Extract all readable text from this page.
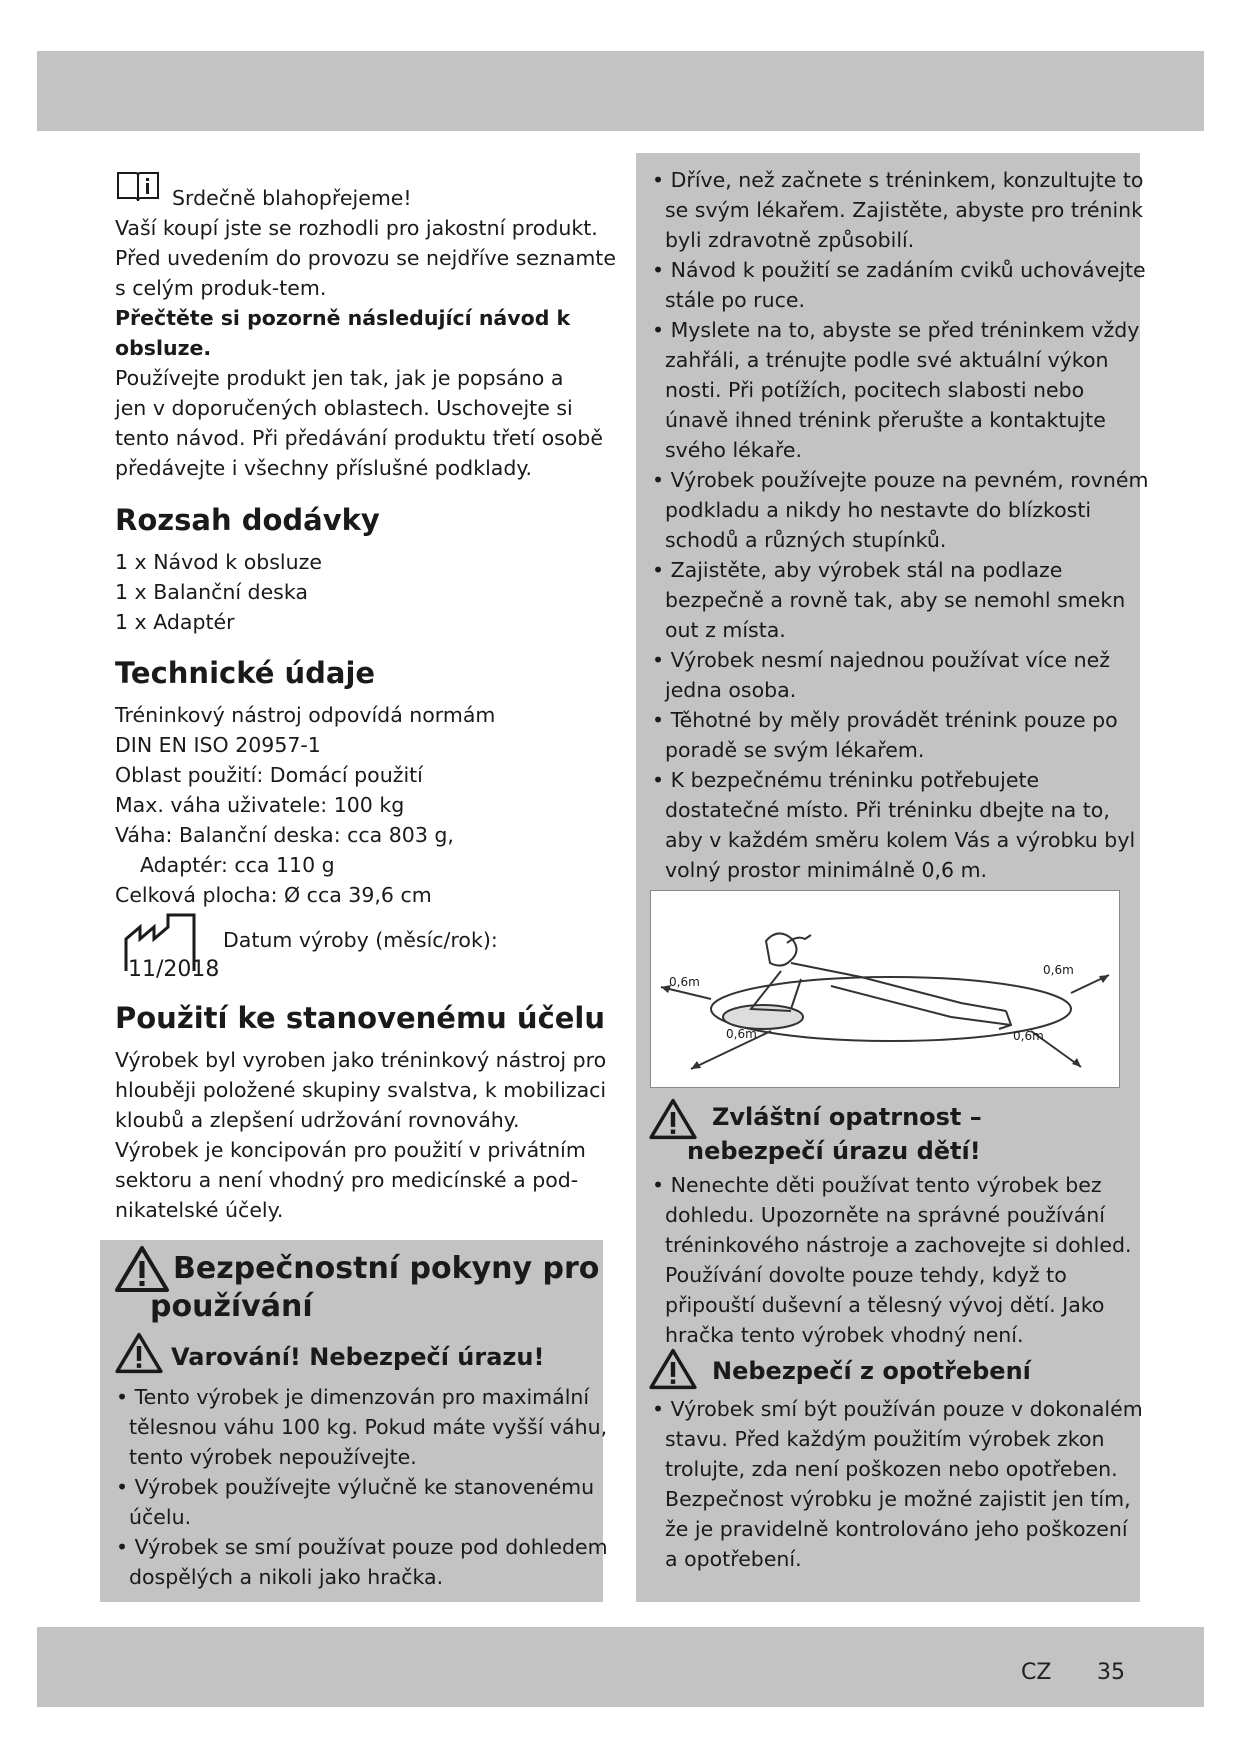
Srdečně blahopřejeme!

Vaší koupí jste se rozhodli pro jakostní produkt.
Před uvedením do provozu se nejdříve seznamte
s celým produk-tem.
Přečtěte si pozorně následující návod k
obsluze.
Používejte produkt jen tak, jak je popsáno a
jen v doporučených oblastech. Uschovejte si
tento návod. Při předávání produktu třetí osobě
předávejte i všechny příslušné podklady.
Rozsah dodávky
1 x Návod k obsluze
1 x Balanční deska
1 x Adaptér
Technické údaje
Tréninkový nástroj odpovídá normám
DIN EN ISO 20957-1
Oblast použití: Domácí použití
Max. váha uživatele: 100 kg
Váha: Balanční deska: cca 803 g,
Adaptér: cca 110 g
Celková plocha: Ø cca 39,6 cm

Datum výroby (měsíc/rok):

11/2018

Použití ke stanovenému účelu
Výrobek byl vyroben jako tréninkový nástroj pro
hlouběji položené skupiny svalstva, k mobilizaci
kloubů a zlepšení udržování rovnováhy.
Výrobek je koncipován pro použití v privátním
sektoru a není vhodný pro medicínské a pod-
nikatelské účely.
Bezpečnostní pokyny pro
používání

Varování! Nebezpečí úrazu!

• Tento výrobek je dimenzován pro maximální
tělesnou váhu 100 kg. Pokud máte vyšší váhu,
tento výrobek nepoužívejte.
• Výrobek používejte výlučně ke stanovenému
účelu.
• Výrobek se smí používat pouze pod dohledem
dospělých a nikoli jako hračka.
• Dříve, než začnete s tréninkem, konzultujte to
se svým lékařem. Zajistěte, abyste pro trénink
byli zdravotně způsobilí.
• Návod k použití se zadáním cviků uchovávejte
stále po ruce.
• Myslete na to, abyste se před tréninkem vždy
zahřáli, a trénujte podle své aktuální výkon
nosti. Při potížích, pocitech slabosti nebo
únavě ihned trénink přerušte a kontaktujte
svého lékaře.
• Výrobek používejte pouze na pevném, rovném
podkladu a nikdy ho nestavte do blízkosti
schodů a různých stupínků.
• Zajistěte, aby výrobek stál na podlaze
bezpečně a rovně tak, aby se nemohl smekn
out z místa.
• Výrobek nesmí najednou používat více než
jedna osoba.
• Těhotné by měly provádět trénink pouze po
poradě se svým lékařem.
• K bezpečnému tréninku potřebujete
dostatečné místo. Při tréninku dbejte na to,
aby v každém směru kolem Vás a výrobku byl
volný prostor minimálně 0,6 m.
0,6m
0,6m
0,6m	0,6m
Zvláštní opatrnost –
nebezpečí úrazu dětí!
• Nenechte děti používat tento výrobek bez
dohledu. Upozorněte na správné používání
tréninkového nástroje a zachovejte si dohled.
Používání dovolte pouze tehdy, když to
připouští duševní a tělesný vývoj dětí. Jako
hračka tento výrobek vhodný není.

Nebezpečí z opotřebení

• Výrobek smí být používán pouze v dokonalém
stavu. Před každým použitím výrobek zkon
trolujte, zda není poškozen nebo opotřeben.
Bezpečnost výrobku je možné zajistit jen tím,
že je pravidelně kontrolováno jeho poškození
a opotřebení.
CZ 35
